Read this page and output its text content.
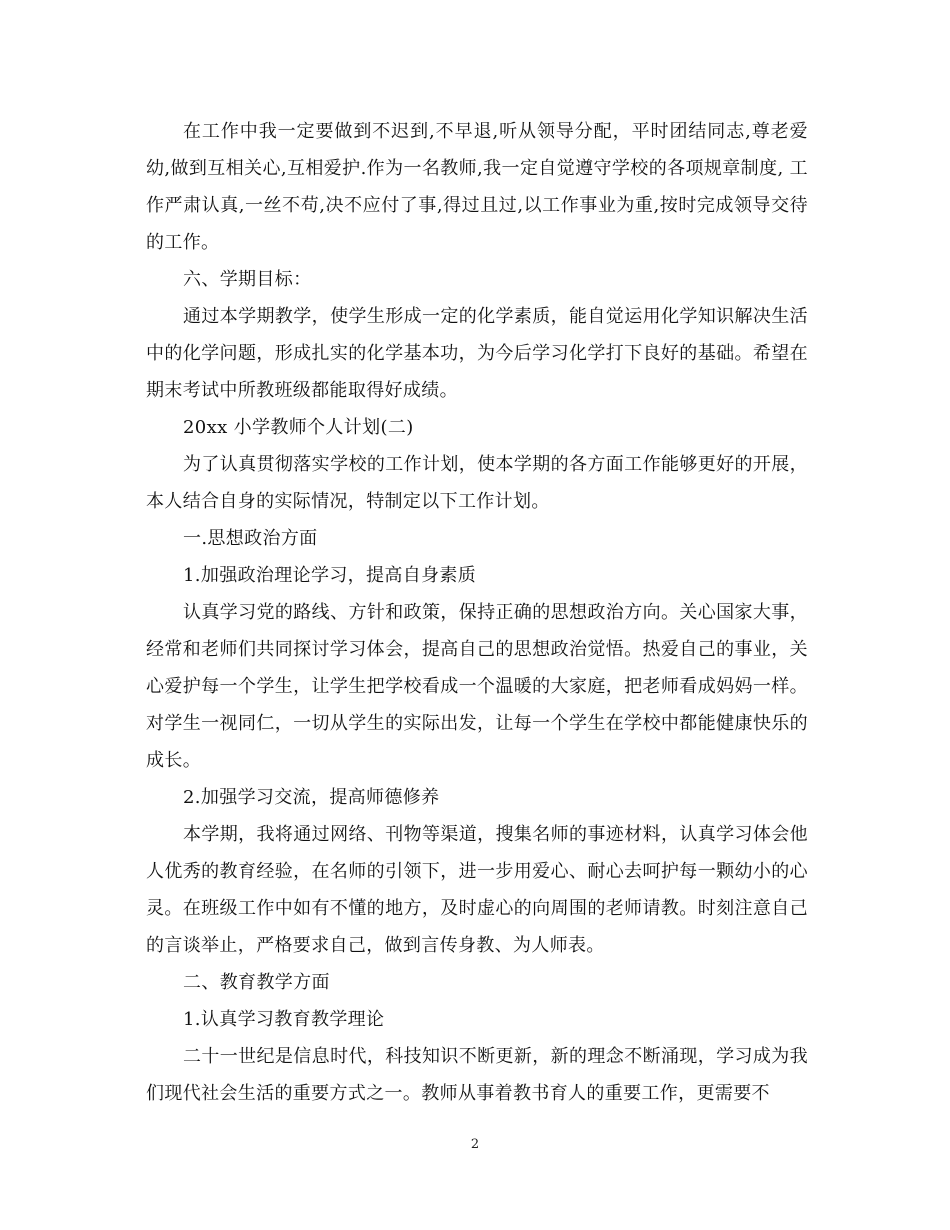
在工作中我一定要做到不迟到,不早退,听从领导分配，平时团结同志,尊老爱幼,做到互相关心,互相爱护.作为一名教师,我一定自觉遵守学校的各项规章制度, 工作严肃认真,一丝不苟,决不应付了事,得过且过,以工作事业为重,按时完成领导交待的工作。

六、学期目标：

通过本学期教学，使学生形成一定的化学素质，能自觉运用化学知识解决生活中的化学问题，形成扎实的化学基本功，为今后学习化学打下良好的基础。希望在期末考试中所教班级都能取得好成绩。

20xx 小学教师个人计划(二)

为了认真贯彻落实学校的工作计划，使本学期的各方面工作能够更好的开展，本人结合自身的实际情况，特制定以下工作计划。

一.思想政治方面

1.加强政治理论学习，提高自身素质

认真学习党的路线、方针和政策，保持正确的思想政治方向。关心国家大事，经常和老师们共同探讨学习体会，提高自己的思想政治觉悟。热爱自己的事业，关心爱护每一个学生，让学生把学校看成一个温暖的大家庭，把老师看成妈妈一样。对学生一视同仁，一切从学生的实际出发，让每一个学生在学校中都能健康快乐的成长。

2.加强学习交流，提高师德修养

本学期，我将通过网络、刊物等渠道，搜集名师的事迹材料，认真学习体会他人优秀的教育经验，在名师的引领下，进一步用爱心、耐心去呵护每一颗幼小的心灵。在班级工作中如有不懂的地方，及时虚心的向周围的老师请教。时刻注意自己的言谈举止，严格要求自己，做到言传身教、为人师表。

二、教育教学方面

1.认真学习教育教学理论

二十一世纪是信息时代，科技知识不断更新，新的理念不断涌现，学习成为我们现代社会生活的重要方式之一。教师从事着教书育人的重要工作，更需要不

2
